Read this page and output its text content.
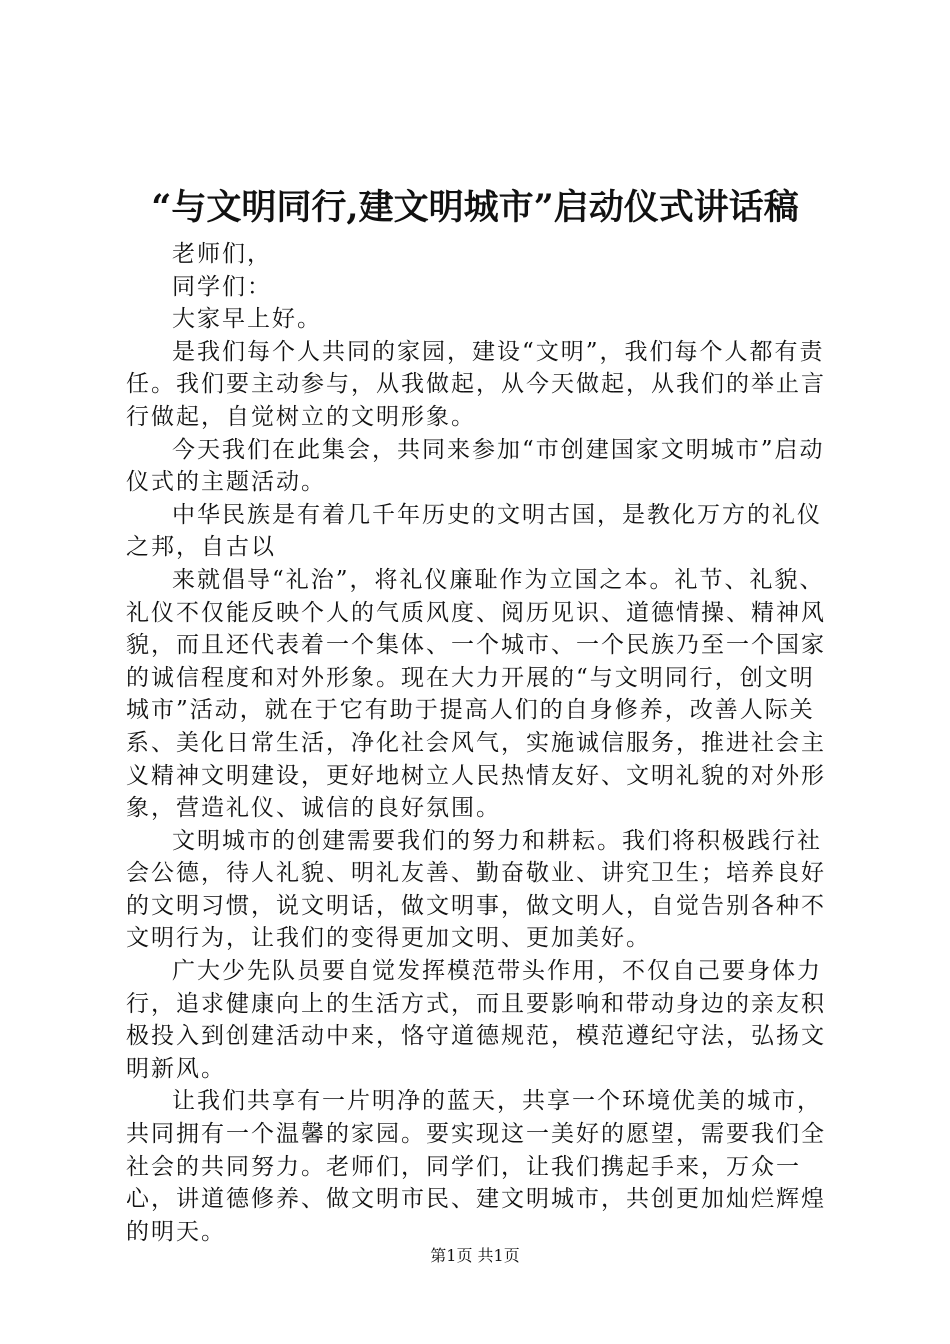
“与文明同行,建文明城市”启动仪式讲话稿

老师们，

同学们：

大家早上好。

是我们每个人共同的家园，建设“文明”，我们每个人都有责任。我们要主动参与，从我做起，从今天做起，从我们的举止言行做起，自觉树立的文明形象。

今天我们在此集会，共同来参加“市创建国家文明城市”启动仪式的主题活动。

中华民族是有着几千年历史的文明古国，是教化万方的礼仪之邦，自古以

来就倡导“礼治”，将礼仪廉耻作为立国之本。礼节、礼貌、礼仪不仅能反映个人的气质风度、阅历见识、道德情操、精神风貌，而且还代表着一个集体、一个城市、一个民族乃至一个国家的诚信程度和对外形象。现在大力开展的“与文明同行，创文明城市”活动，就在于它有助于提高人们的自身修养，改善人际关系、美化日常生活，净化社会风气，实施诚信服务，推进社会主义精神文明建设，更好地树立人民热情友好、文明礼貌的对外形象，营造礼仪、诚信的良好氛围。

文明城市的创建需要我们的努力和耕耘。我们将积极践行社会公德，待人礼貌、明礼友善、勤奋敬业、讲究卫生；培养良好的文明习惯，说文明话，做文明事，做文明人，自觉告别各种不文明行为，让我们的变得更加文明、更加美好。

广大少先队员要自觉发挥模范带头作用，不仅自己要身体力行，追求健康向上的生活方式，而且要影响和带动身边的亲友积极投入到创建活动中来，恪守道德规范，模范遵纪守法，弘扬文明新风。

让我们共享有一片明净的蓝天，共享一个环境优美的城市，共同拥有一个温馨的家园。要实现这一美好的愿望，需要我们全社会的共同努力。老师们，同学们，让我们携起手来，万众一心，讲道德修养、做文明市民、建文明城市，共创更加灿烂辉煌的明天。

第1页 共1页
